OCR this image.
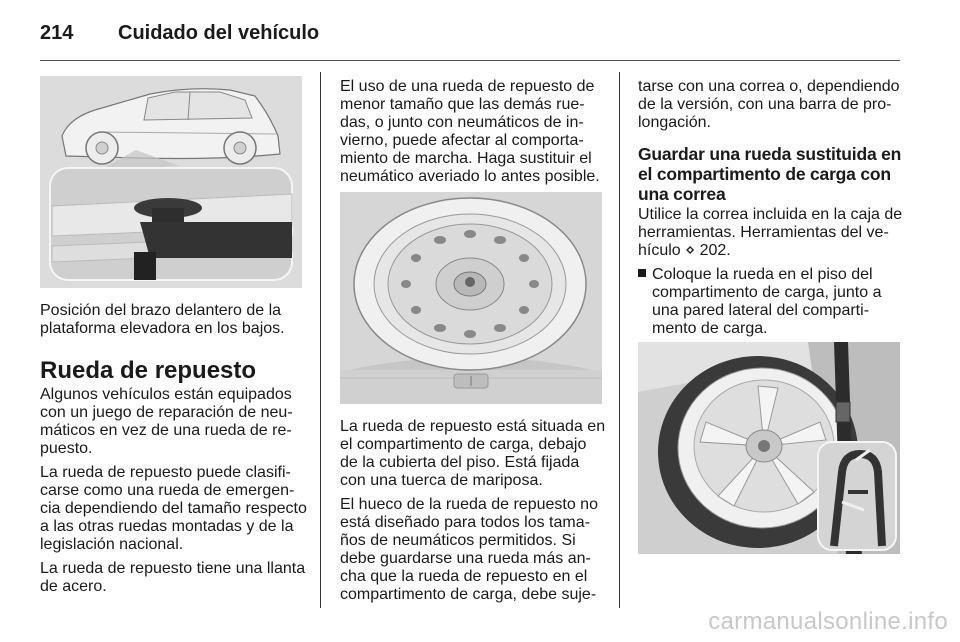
214 Cuidado del vehículo

Posición del brazo delantero de la plataforma elevadora en los bajos.

Rueda de repuesto

Algunos vehículos están equipados con un juego de reparación de neumáticos en vez de una rueda de repuesto.

La rueda de repuesto puede clasificarse como una rueda de emergencia dependiendo del tamaño respecto a las otras ruedas montadas y de la legislación nacional.

La rueda de repuesto tiene una llanta de acero.

El uso de una rueda de repuesto de menor tamaño que las demás ruedas, o junto con neumáticos de invierno, puede afectar al comportamiento de marcha. Haga sustituir el neumático averiado lo antes posible.

La rueda de repuesto está situada en el compartimento de carga, debajo de la cubierta del piso. Está fijada con una tuerca de mariposa.

El hueco de la rueda de repuesto no está diseñado para todos los tamaños de neumáticos permitidos. Si debe guardarse una rueda más ancha que la rueda de repuesto en el compartimento de carga, debe suje-

tarse con una correa o, dependiendo de la versión, con una barra de prolongación.

Guardar una rueda sustituida en el compartimento de carga con una correa

Utilice la correa incluida en la caja de herramientas. Herramientas del vehículo ⋄ 202.

Coloque la rueda en el piso del compartimento de carga, junto a una pared lateral del compartimento de carga.
carmanualsonline.info
